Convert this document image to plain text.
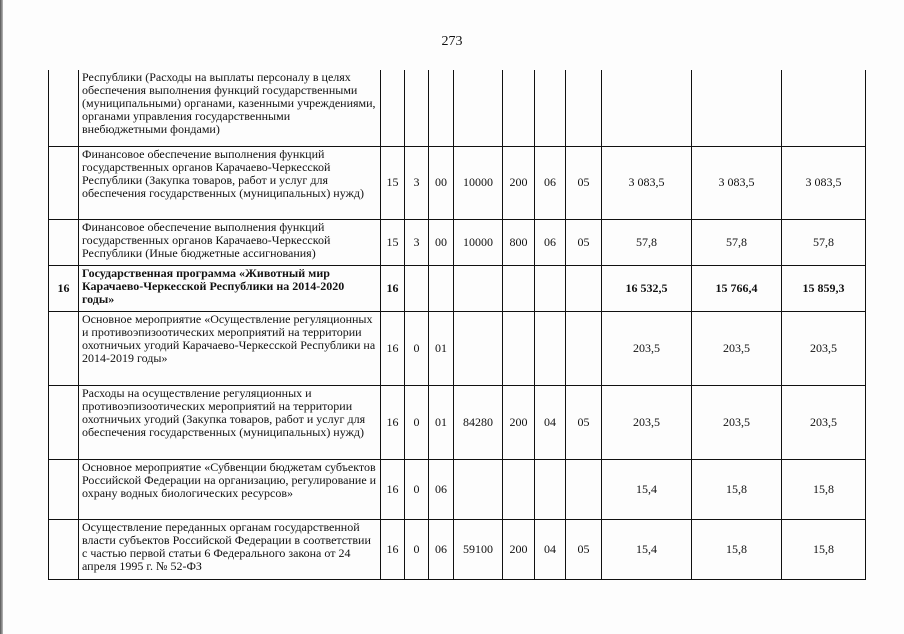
273
	Республики (Расходы на выплаты персоналу в целях обеспечения выполнения функций государственными (муниципальными) органами, казенными учреждениями, органами управления государственными внебюджетными фондами)										
	Финансовое обеспечение выполнения функций государственных органов Карачаево-Черкесской Республики (Закупка товаров, работ и услуг для обеспечения государственных (муниципальных) нужд)	15	3	00	10000	200	06	05	3 083,5	3 083,5	3 083,5
	Финансовое обеспечение выполнения функций государственных органов Карачаево-Черкесской Республики (Иные бюджетные ассигнования)	15	3	00	10000	800	06	05	57,8	57,8	57,8
16	Государственная программа «Животный мир Карачаево-Черкесской Республики на 2014-2020 годы»	16							16 532,5	15 766,4	15 859,3
	Основное мероприятие «Осуществление регуляционных и противоэпизоотических мероприятий на территории охотничьих угодий Карачаево-Черкесской Республики на 2014-2019 годы»	16	0	01					203,5	203,5	203,5
	Расходы на осуществление регуляционных и противоэпизоотических мероприятий на территории охотничьих угодий (Закупка товаров, работ и услуг для обеспечения государственных (муниципальных) нужд)	16	0	01	84280	200	04	05	203,5	203,5	203,5
	Основное мероприятие «Субвенции бюджетам субъектов Российской Федерации на организацию, регулирование и охрану водных биологических ресурсов»	16	0	06					15,4	15,8	15,8
	Осуществление переданных органам государственной власти субъектов Российской Федерации в соответствии с частью первой статьи 6 Федерального закона от 24 апреля 1995 г. № 52-ФЗ	16	0	06	59100	200	04	05	15,4	15,8	15,8
